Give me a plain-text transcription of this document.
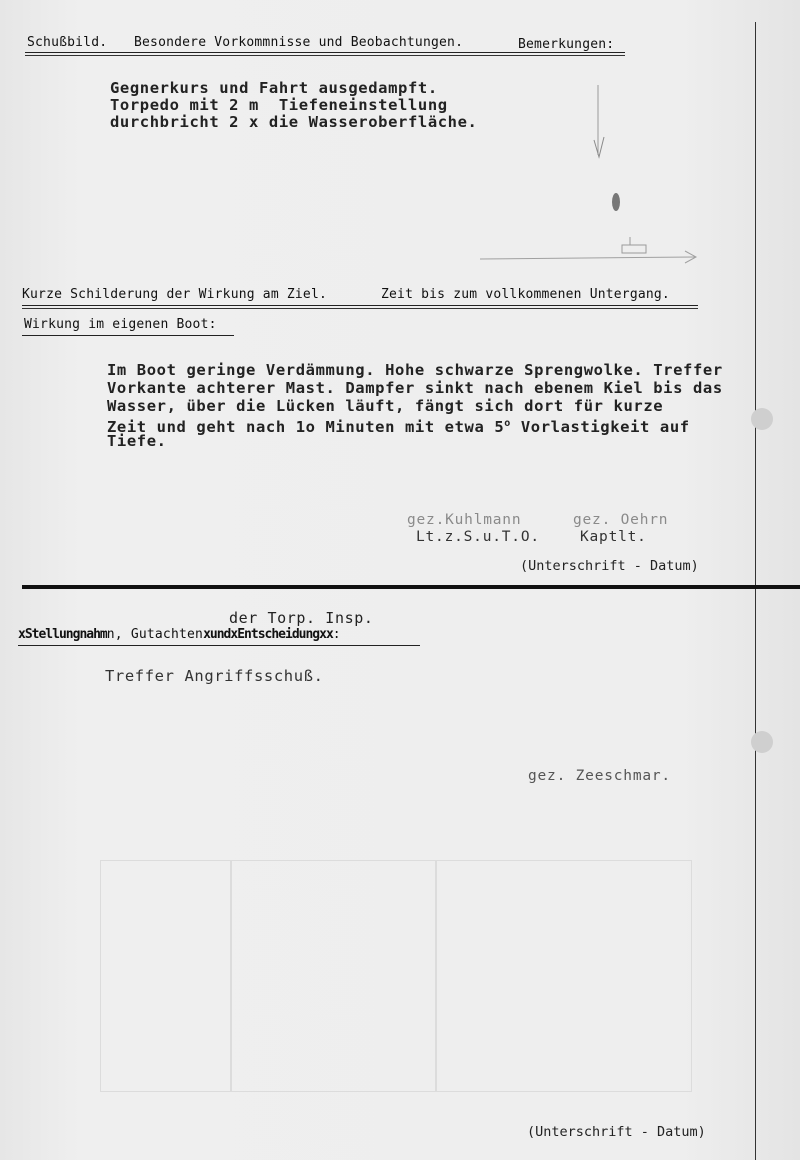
Schußbild. Besondere Vorkommnisse und Beobachtungen.	Bemerkungen:
Gegnerkurs und Fahrt ausgedampft.
Torpedo mit 2 m  Tiefeneinstellung
durchbricht 2 x die Wasseroberfläche.
Kurze Schilderung der Wirkung am Ziel.	Zeit bis zum vollkommenen Untergang.
Wirkung im eigenen Boot:
Im Boot geringe Verdämmung. Hohe schwarze Sprengwolke. Treffer
Vorkante achterer Mast. Dampfer sinkt nach ebenem Kiel bis das
Wasser, über die Lücken läuft, fängt sich dort für kurze
Zeit und geht nach 1o Minuten mit etwa 5$^o$ Vorlastigkeit auf
Tiefe.
gez.Kuhlmann
Lt.z.S.u.T.O.
gez. Oehrn
Kaptlt.
(Unterschrift - Datum)
der Torp. Insp.
xStellungnahmn, GutachtenxundxEntscheidungxx:
Treffer Angriffsschuß.
gez. Zeeschmar.
(Unterschrift - Datum)
